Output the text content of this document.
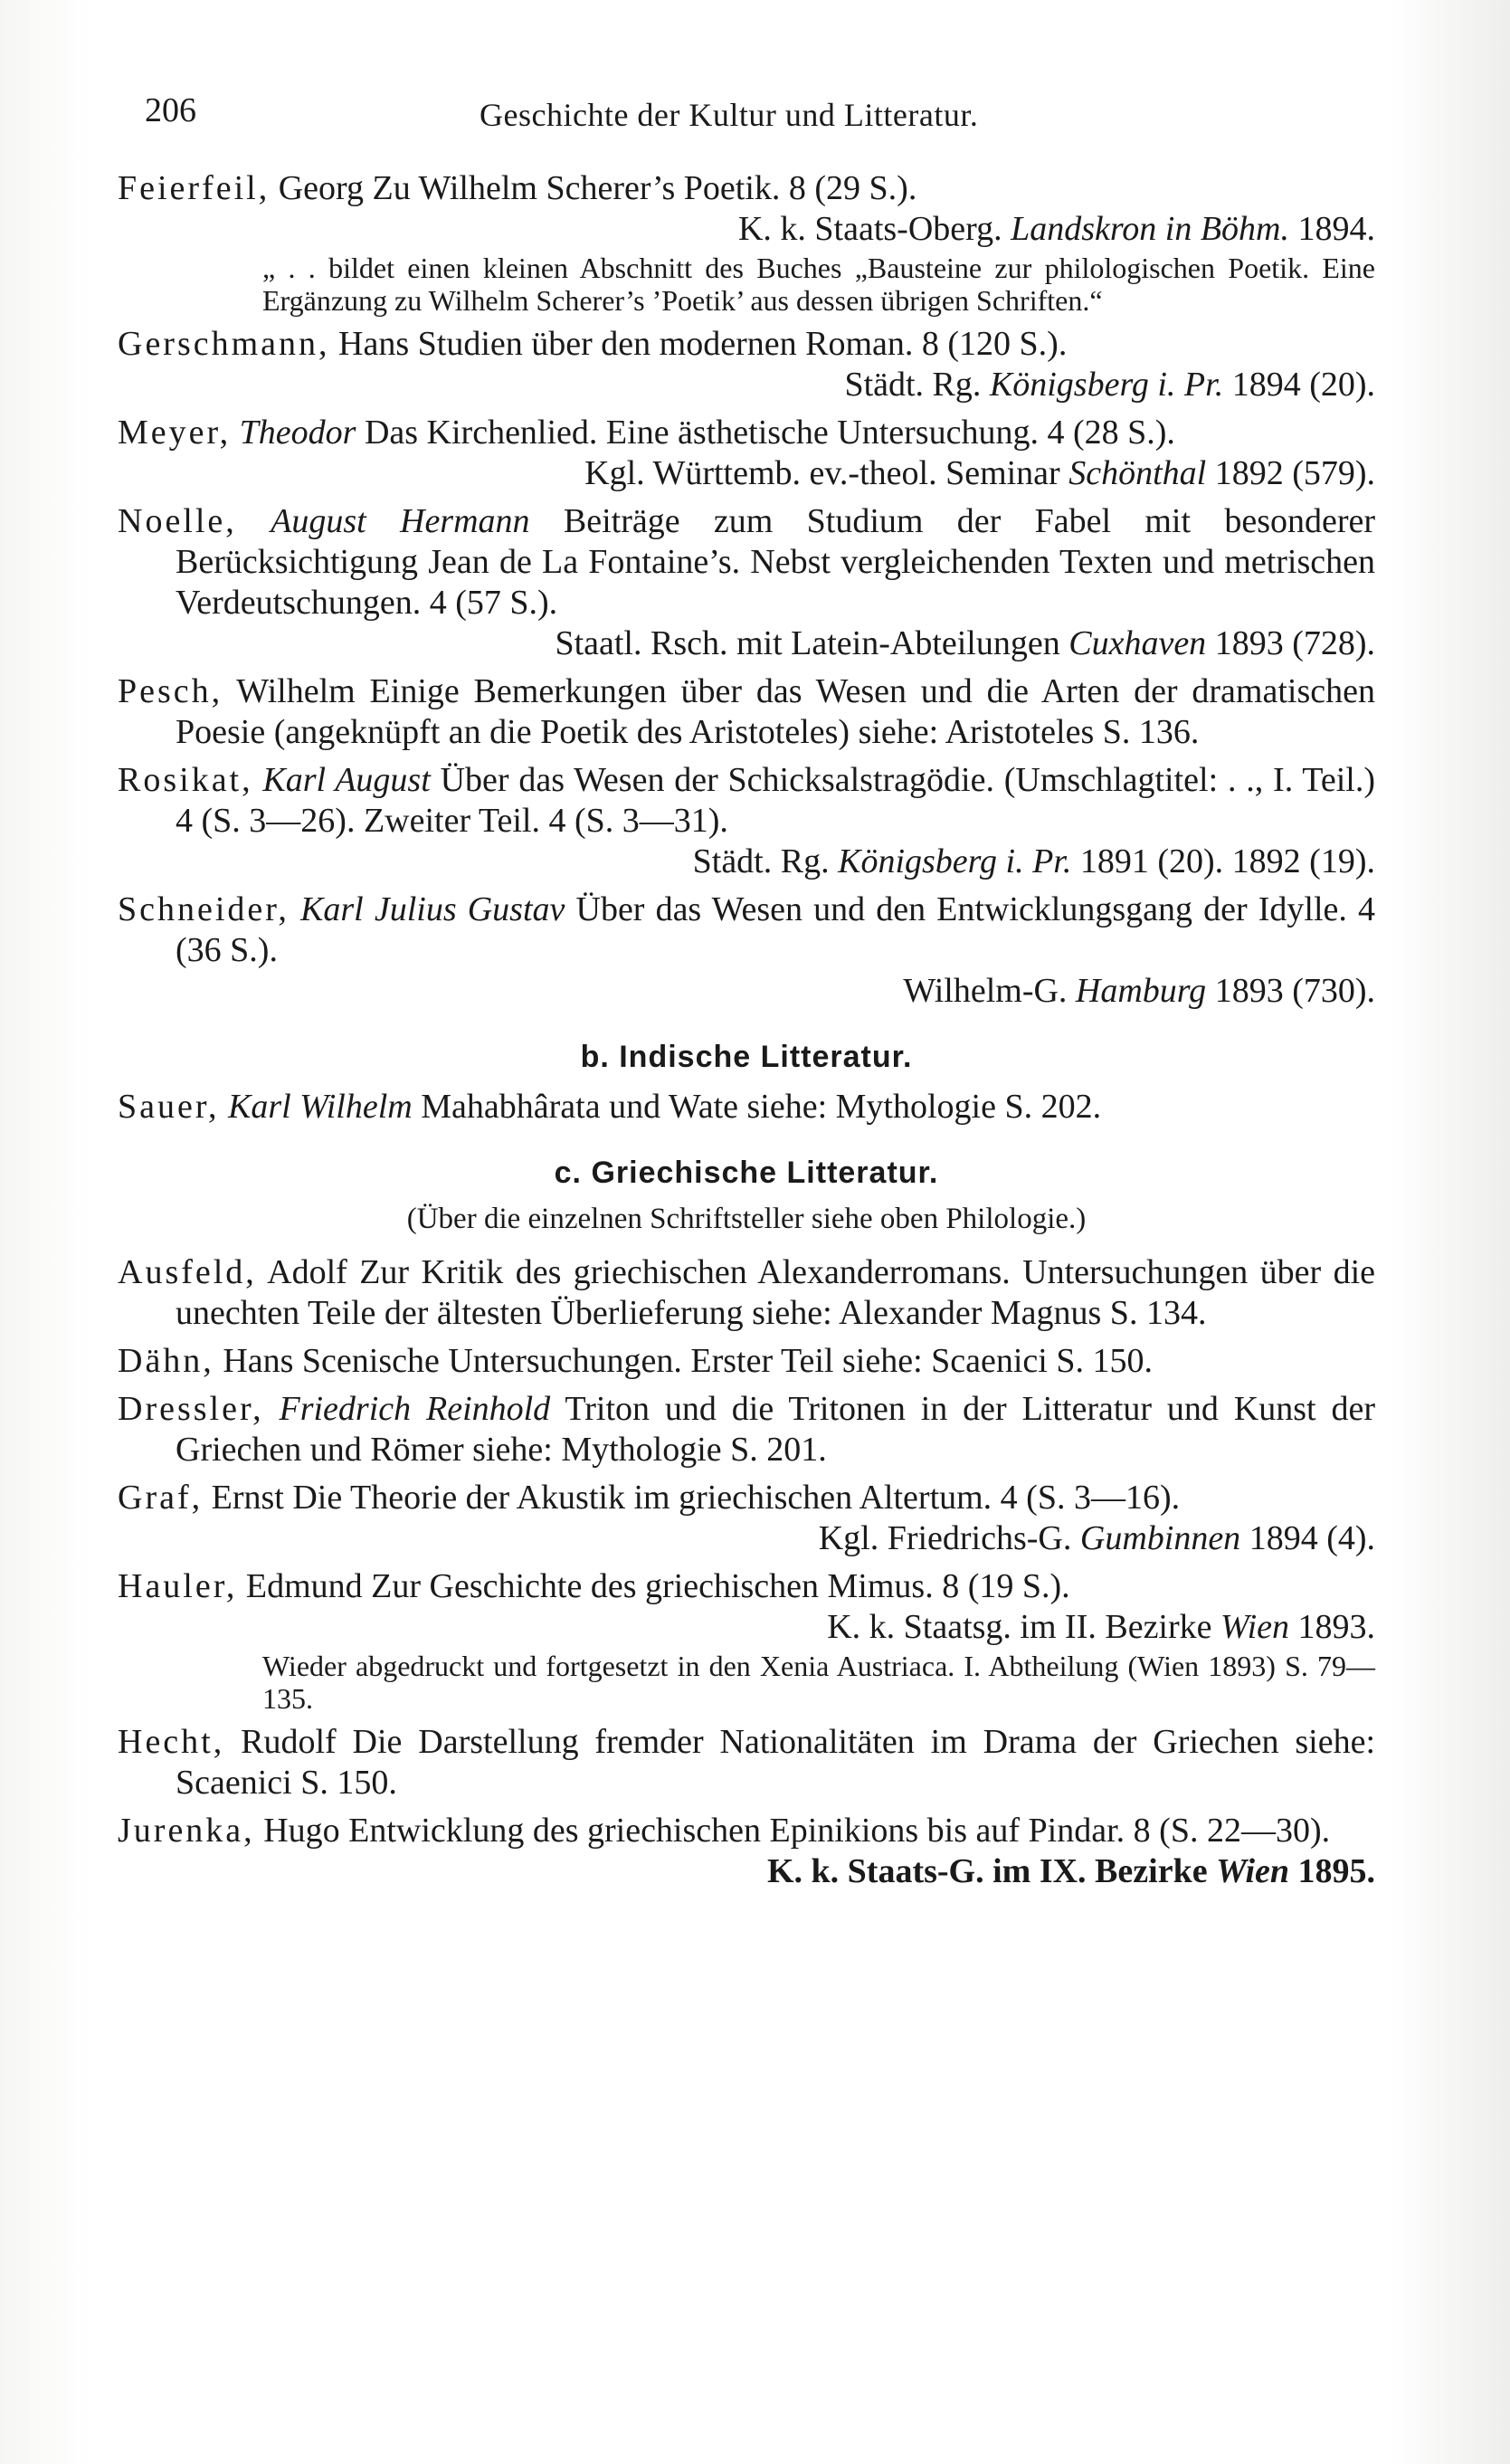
206	Geschichte der Kultur und Litteratur.
Feierfeil, Georg Zu Wilhelm Scherer’s Poetik. 8 (29 S.).
K. k. Staats-Oberg. Landskron in Böhm. 1894.
„ . . bildet einen kleinen Abschnitt des Buches „Bausteine zur philologischen Poetik. Eine Ergänzung zu Wilhelm Scherer’s ’Poetik’ aus dessen übrigen Schriften.“
Gerschmann, Hans Studien über den modernen Roman. 8 (120 S.).
Städt. Rg. Königsberg i. Pr. 1894 (20).
Meyer, Theodor Das Kirchenlied. Eine ästhetische Untersuchung. 4 (28 S.).
Kgl. Württemb. ev.-theol. Seminar Schönthal 1892 (579).
Noelle, August Hermann Beiträge zum Studium der Fabel mit besonderer Berücksichtigung Jean de La Fontaine’s. Nebst vergleichenden Texten und metrischen Verdeutschungen. 4 (57 S.).
Staatl. Rsch. mit Latein-Abteilungen Cuxhaven 1893 (728).
Pesch, Wilhelm Einige Bemerkungen über das Wesen und die Arten der dramatischen Poesie (angeknüpft an die Poetik des Aristoteles) siehe: Aristoteles S. 136.
Rosikat, Karl August Über das Wesen der Schicksalstragödie. (Umschlagtitel: . ., I. Teil.) 4 (S. 3—26). Zweiter Teil. 4 (S. 3—31).
Städt. Rg. Königsberg i. Pr. 1891 (20). 1892 (19).
Schneider, Karl Julius Gustav Über das Wesen und den Entwicklungsgang der Idylle. 4 (36 S.).
Wilhelm-G. Hamburg 1893 (730).
b. Indische Litteratur.
Sauer, Karl Wilhelm Mahabhârata und Wate siehe: Mythologie S. 202.
c. Griechische Litteratur.
(Über die einzelnen Schriftsteller siehe oben Philologie.)
Ausfeld, Adolf Zur Kritik des griechischen Alexanderromans. Untersuchungen über die unechten Teile der ältesten Überlieferung siehe: Alexander Magnus S. 134.
Dähn, Hans Scenische Untersuchungen. Erster Teil siehe: Scaenici S. 150.
Dressler, Friedrich Reinhold Triton und die Tritonen in der Litteratur und Kunst der Griechen und Römer siehe: Mythologie S. 201.
Graf, Ernst Die Theorie der Akustik im griechischen Altertum. 4 (S. 3—16).
Kgl. Friedrichs-G. Gumbinnen 1894 (4).
Hauler, Edmund Zur Geschichte des griechischen Mimus. 8 (19 S.).
K. k. Staatsg. im II. Bezirke Wien 1893.
Wieder abgedruckt und fortgesetzt in den Xenia Austriaca. I. Abtheilung (Wien 1893) S. 79—135.
Hecht, Rudolf Die Darstellung fremder Nationalitäten im Drama der Griechen siehe: Scaenici S. 150.
Jurenka, Hugo Entwicklung des griechischen Epinikions bis auf Pindar. 8 (S. 22—30).
K. k. Staats-G. im IX. Bezirke Wien 1895.
